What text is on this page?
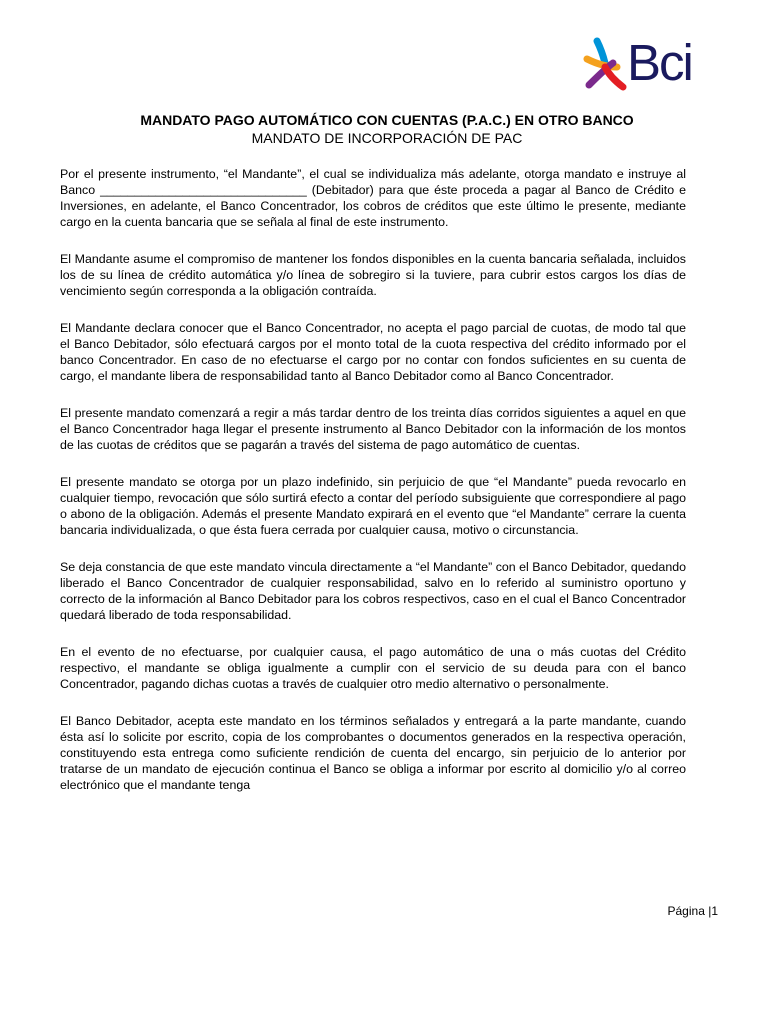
Bci
MANDATO PAGO AUTOMÁTICO CON CUENTAS (P.A.C.) EN OTRO BANCO
MANDATO DE INCORPORACIÓN DE PAC

Por el presente instrumento, “el Mandante”, el cual se individualiza más adelante, otorga mandato e instruye al Banco ______________________________ (Debitador) para que éste proceda a pagar al Banco de Crédito e Inversiones, en adelante, el Banco Concentrador, los cobros de créditos que este último le presente, mediante cargo en la cuenta bancaria que se señala al final de este instrumento.

El Mandante asume el compromiso de mantener los fondos disponibles en la cuenta bancaria señalada, incluidos los de su línea de crédito automática y/o línea de sobregiro si la tuviere, para cubrir estos cargos los días de vencimiento según corresponda a la obligación contraída.

El Mandante declara conocer que el Banco Concentrador, no acepta el pago parcial de cuotas, de modo tal que el Banco Debitador, sólo efectuará cargos por el monto total de la cuota respectiva del crédito informado por el banco Concentrador. En caso de no efectuarse el cargo por no contar con fondos suficientes en su cuenta de cargo, el mandante libera de responsabilidad tanto al Banco Debitador como al Banco Concentrador.

El presente mandato comenzará a regir a más tardar dentro de los treinta días corridos siguientes a aquel en que el Banco Concentrador haga llegar el presente instrumento al Banco Debitador con la información de los montos de las cuotas de créditos que se pagarán a través del sistema de pago automático de cuentas.

El presente mandato se otorga por un plazo indefinido, sin perjuicio de que “el Mandante” pueda revocarlo en cualquier tiempo, revocación que sólo surtirá efecto a contar del período subsiguiente que correspondiere al pago o abono de la obligación. Además el presente Mandato expirará en el evento que “el Mandante” cerrare la cuenta bancaria individualizada, o que ésta fuera cerrada por cualquier causa, motivo o circunstancia.

Se deja constancia de que este mandato vincula directamente a “el Mandante” con el Banco Debitador, quedando liberado el Banco Concentrador de cualquier responsabilidad, salvo en lo referido al suministro oportuno y correcto de la información al Banco Debitador para los cobros respectivos, caso en el cual el Banco Concentrador quedará liberado de toda responsabilidad.

En el evento de no efectuarse, por cualquier causa, el pago automático de una o más cuotas del Crédito respectivo, el mandante se obliga igualmente a cumplir con el servicio de su deuda para con el banco Concentrador, pagando dichas cuotas a través de cualquier otro medio alternativo o personalmente.

El Banco Debitador, acepta este mandato en los términos señalados y entregará a la parte mandante, cuando ésta así lo solicite por escrito, copia de los comprobantes o documentos generados en la respectiva operación, constituyendo esta entrega como suficiente rendición de cuenta del encargo, sin perjuicio de lo anterior por tratarse de un mandato de ejecución continua el Banco se obliga a informar por escrito al domicilio y/o al correo electrónico que el mandante tenga

Página |1
